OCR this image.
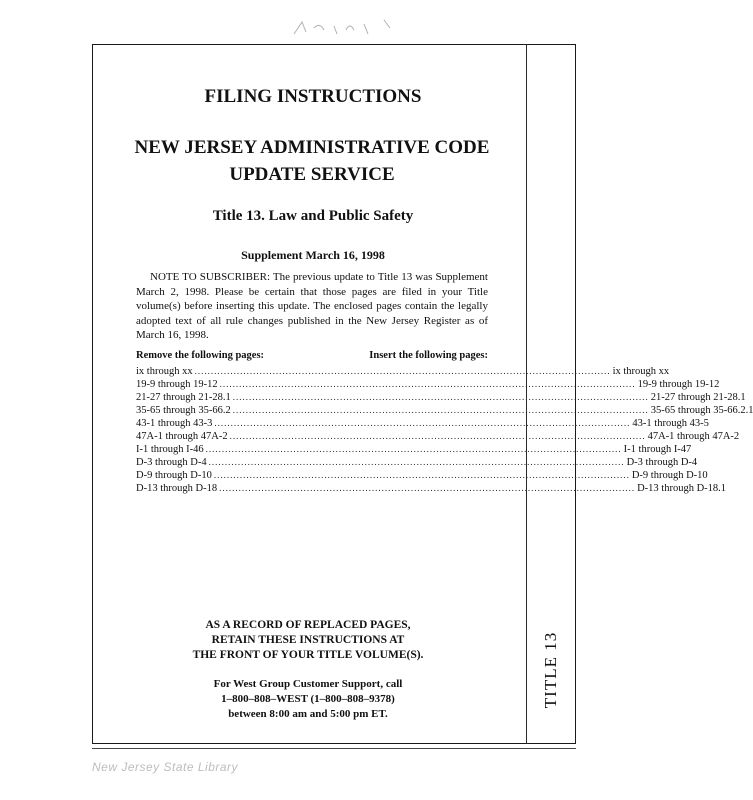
TITLE 13
FILING INSTRUCTIONS
NEW JERSEY ADMINISTRATIVE CODE
UPDATE SERVICE
Title 13. Law and Public Safety
Supplement March 16, 1998
NOTE TO SUBSCRIBER: The previous update to Title 13 was Supplement March 2, 1998. Please be certain that those pages are filed in your Title volume(s) before inserting this update. The enclosed pages contain the legally adopted text of all rule changes published in the New Jersey Register as of March 16, 1998.
Remove the following pages:	Insert the following pages:
ix through xx ................................................................................................................................ ix through xx
19-9 through 19-12 ................................................................................................................................ 19-9 through 19-12
21-27 through 21-28.1 ................................................................................................................................ 21-27 through 21-28.1
35-65 through 35-66.2 ................................................................................................................................ 35-65 through 35-66.2.1
43-1 through 43-3 ................................................................................................................................ 43-1 through 43-5
47A-1 through 47A-2 ................................................................................................................................ 47A-1 through 47A-2
I-1 through I-46 ................................................................................................................................ I-1 through I-47
D-3 through D-4 ................................................................................................................................ D-3 through D-4
D-9 through D-10 ................................................................................................................................ D-9 through D-10
D-13 through D-18 ................................................................................................................................ D-13 through D-18.1
AS A RECORD OF REPLACED PAGES,
RETAIN THESE INSTRUCTIONS AT
THE FRONT OF YOUR TITLE VOLUME(S).
For West Group Customer Support, call
1–800–808–WEST (1–800–808–9378)
between 8:00 am and 5:00 pm ET.
New Jersey State Library
